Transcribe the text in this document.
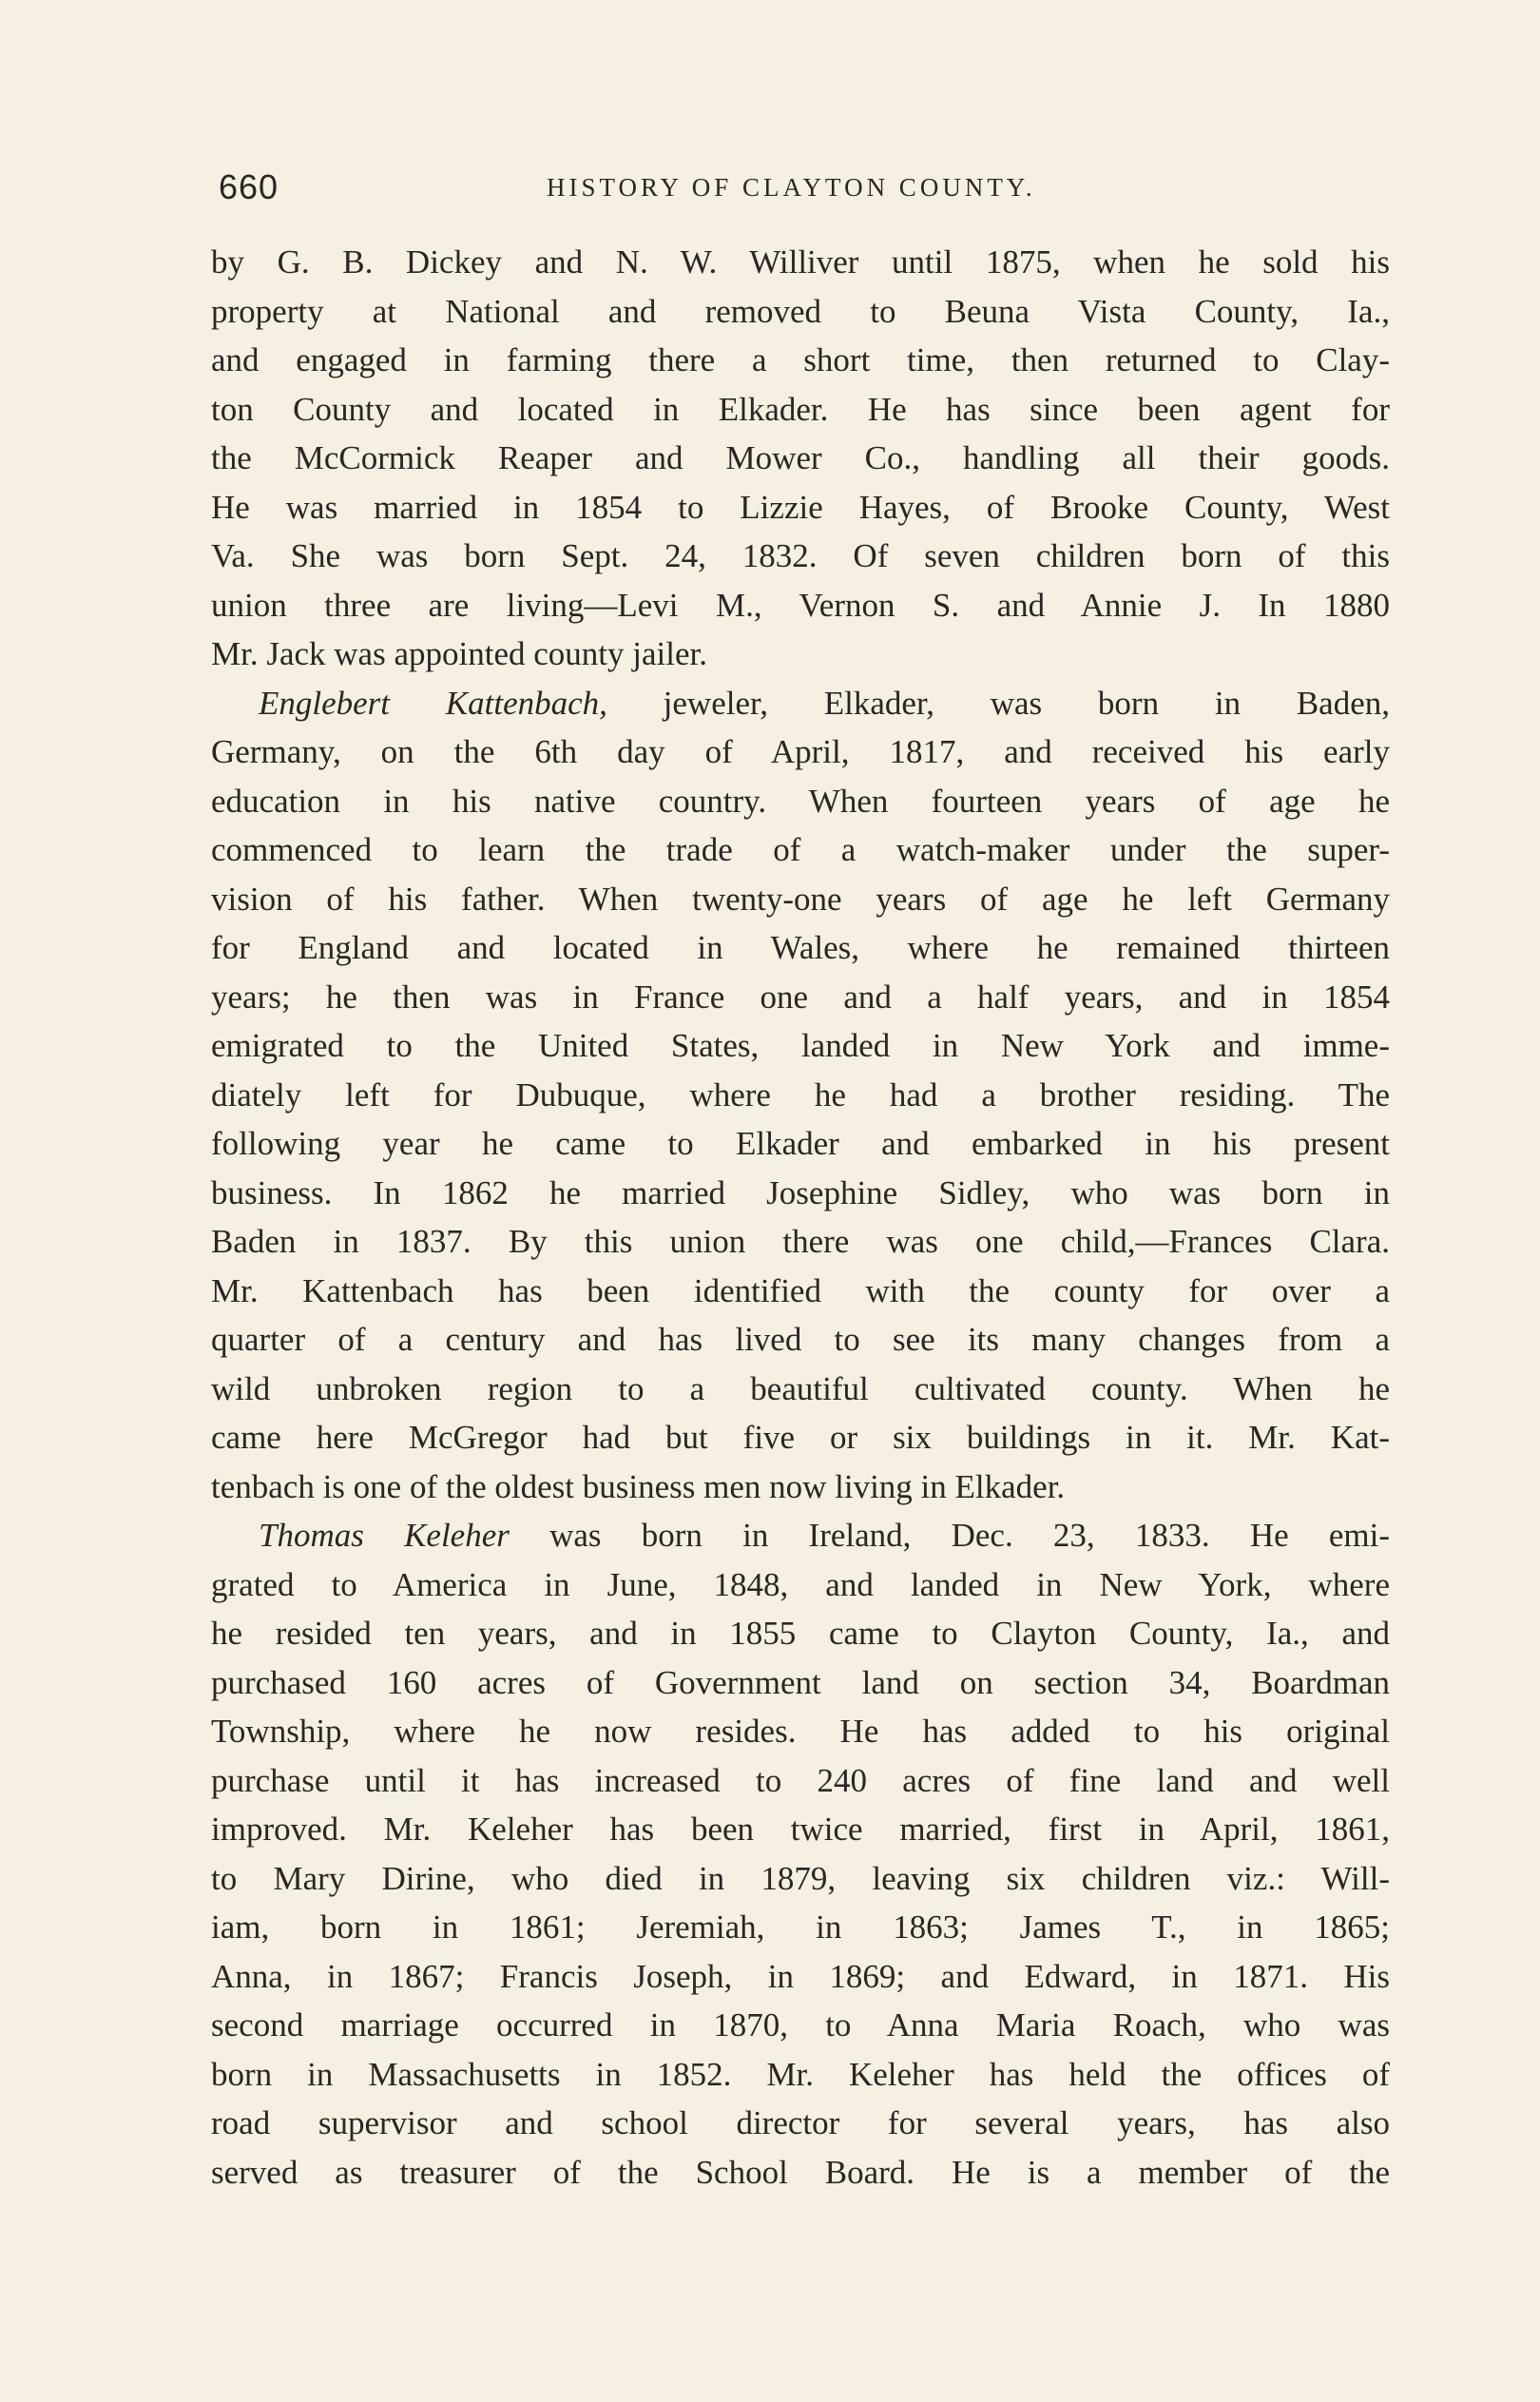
660	HISTORY OF CLAYTON COUNTY.
by G. B. Dickey and N. W. Williver until 1875, when he sold his
property at National and removed to Beuna Vista County, Ia.,
and engaged in farming there a short time, then returned to Clay-
ton County and located in Elkader. He has since been agent for
the McCormick Reaper and Mower Co., handling all their goods.
He was married in 1854 to Lizzie Hayes, of Brooke County, West
Va. She was born Sept. 24, 1832. Of seven children born of this
union three are living—Levi M., Vernon S. and Annie J. In 1880
Mr. Jack was appointed county jailer.
Englebert Kattenbach, jeweler, Elkader, was born in Baden,
Germany, on the 6th day of April, 1817, and received his early
education in his native country. When fourteen years of age he
commenced to learn the trade of a watch-maker under the super-
vision of his father. When twenty-one years of age he left Germany
for England and located in Wales, where he remained thirteen
years; he then was in France one and a half years, and in 1854
emigrated to the United States, landed in New York and imme-
diately left for Dubuque, where he had a brother residing. The
following year he came to Elkader and embarked in his present
business. In 1862 he married Josephine Sidley, who was born in
Baden in 1837. By this union there was one child,—Frances Clara.
Mr. Kattenbach has been identified with the county for over a
quarter of a century and has lived to see its many changes from a
wild unbroken region to a beautiful cultivated county. When he
came here McGregor had but five or six buildings in it. Mr. Kat-
tenbach is one of the oldest business men now living in Elkader.
Thomas Keleher was born in Ireland, Dec. 23, 1833. He emi-
grated to America in June, 1848, and landed in New York, where
he resided ten years, and in 1855 came to Clayton County, Ia., and
purchased 160 acres of Government land on section 34, Boardman
Township, where he now resides. He has added to his original
purchase until it has increased to 240 acres of fine land and well
improved. Mr. Keleher has been twice married, first in April, 1861,
to Mary Dirine, who died in 1879, leaving six children viz.: Will-
iam, born in 1861; Jeremiah, in 1863; James T., in 1865;
Anna, in 1867; Francis Joseph, in 1869; and Edward, in 1871. His
second marriage occurred in 1870, to Anna Maria Roach, who was
born in Massachusetts in 1852. Mr. Keleher has held the offices of
road supervisor and school director for several years, has also
served as treasurer of the School Board. He is a member of the
